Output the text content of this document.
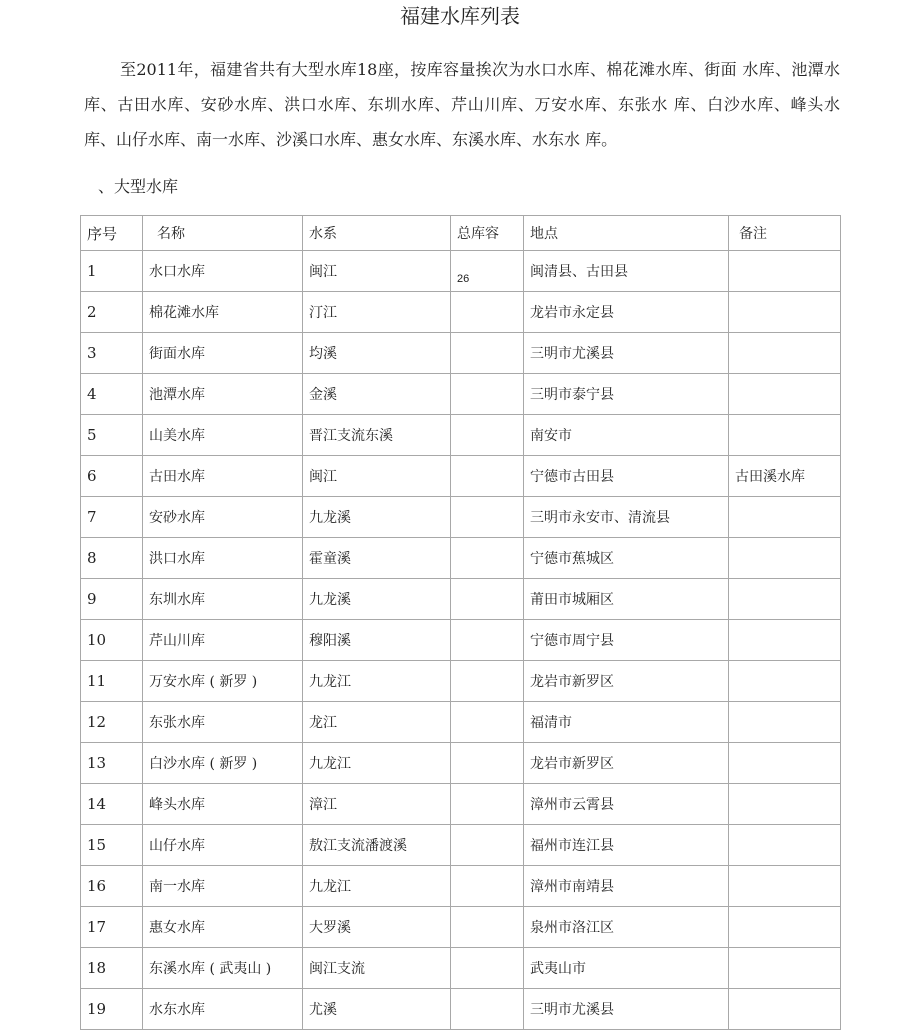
福建水库列表
至2011年，福建省共有大型水库18座，按库容量挨次为水口水库、棉花滩水库、街面 水库、池潭水库、古田水库、安砂水库、洪口水库、东圳水库、芹山川库、万安水库、东张水 库、白沙水库、峰头水库、山仔水库、南一水库、沙溪口水库、惠女水库、东溪水库、水东水 库。
、大型水库
序号	名称	水系	总库容	地点	备注
1	水口水库	闽江	26	闽清县、古田县	
2	棉花滩水库	汀江		龙岩市永定县	
3	街面水库	均溪		三明市尤溪县	
4	池潭水库	金溪		三明市泰宁县	
5	山美水库	晋江支流东溪		南安市	
6	古田水库	闽江		宁德市古田县	古田溪水库
7	安砂水库	九龙溪		三明市永安市、清流县	
8	洪口水库	霍童溪		宁德市蕉城区	
9	东圳水库	九龙溪		莆田市城厢区	
10	芹山川库	穆阳溪		宁德市周宁县	
11	万安水库 ( 新罗 )	九龙江		龙岩市新罗区	
12	东张水库	龙江		福清市	
13	白沙水库 ( 新罗 )	九龙江		龙岩市新罗区	
14	峰头水库	漳江		漳州市云霄县	
15	山仔水库	敖江支流潘渡溪		福州市连江县	
16	南一水库	九龙江		漳州市南靖县	
17	惠女水库	大罗溪		泉州市洛江区	
18	东溪水库 ( 武夷山 )	闽江支流		武夷山市	
19	水东水库	尤溪		三明市尤溪县	
